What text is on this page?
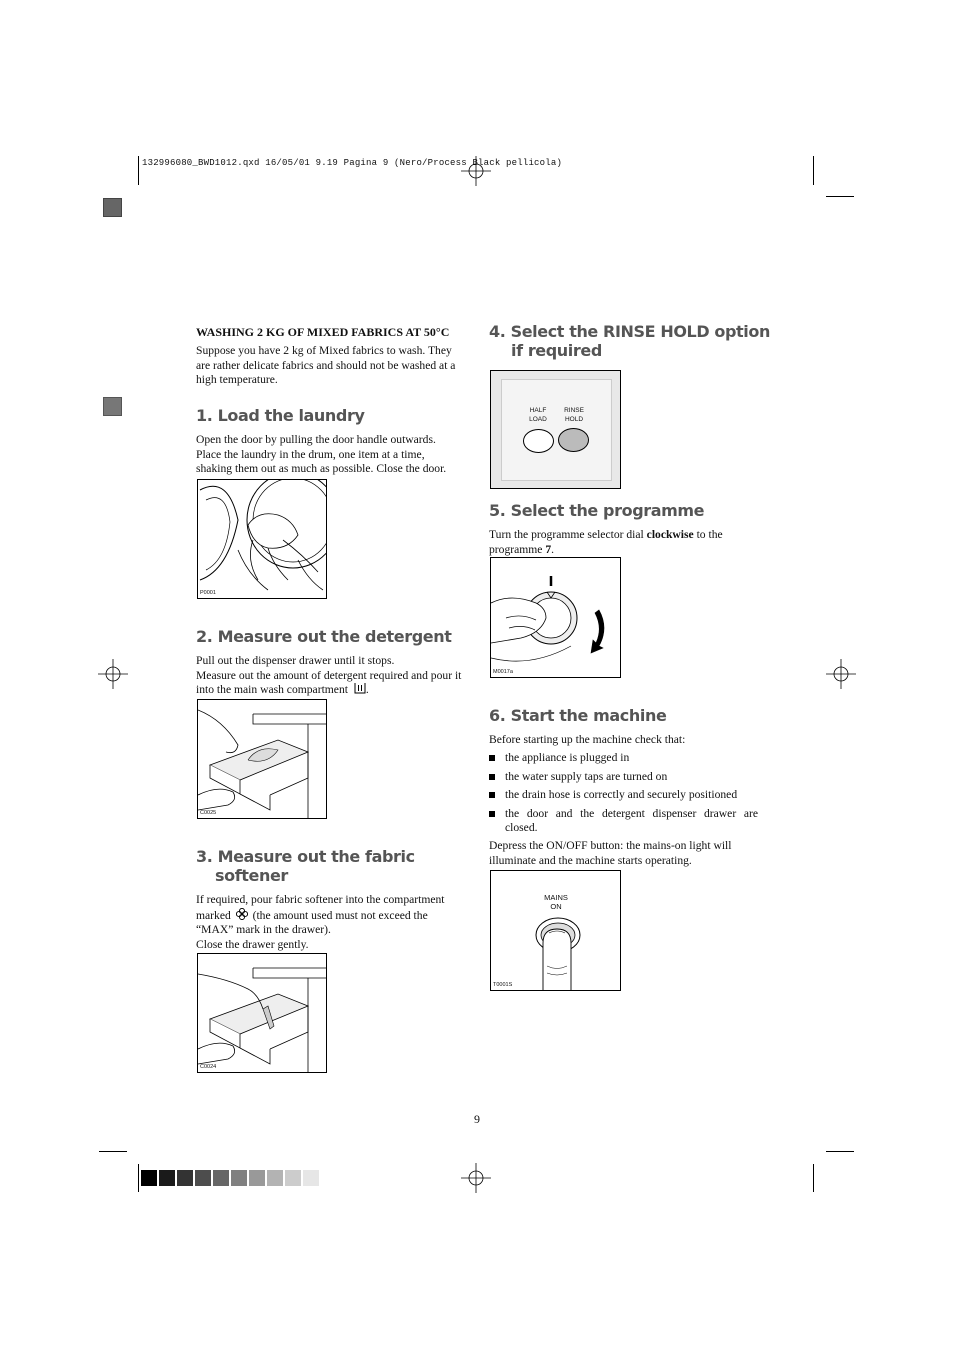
132996080_BWD1012.qxd 16/05/01 9.19 Pagina 9 (Nero/Process Black pellicola)
WASHING 2 KG OF MIXED FABRICS AT 50°C
Suppose you have 2 kg of Mixed fabrics to wash. They are rather delicate fabrics and should not be washed at a high temperature.
1. Load the laundry
Open the door by pulling the door handle outwards. Place the laundry in the drum, one item at a time, shaking them out as much as possible. Close the door.
P0001
2. Measure out the detergent
Pull out the dispenser drawer until it stops.
Measure out the amount of detergent required and pour it into the main wash compartment .
C0025
3. Measure out the fabric
softener
If required, pour fabric softener into the compartment
marked (the amount used must not exceed the
“MAX” mark in the drawer).
Close the drawer gently.
C0024
4. Select the RINSE HOLD option
if required
HALF
LOAD
RINSE
HOLD
5. Select the programme
Turn the programme selector dial clockwise to the programme 7.
M0017a
6. Start the machine
Before starting up the machine check that:
the appliance is plugged in
the water supply taps are turned on
the drain hose is correctly and securely positioned
the door and the detergent dispenser drawer are closed.
Depress the ON/OFF button: the mains-on light will illuminate and the machine starts operating.
MAINS
ON
T0001S
9
